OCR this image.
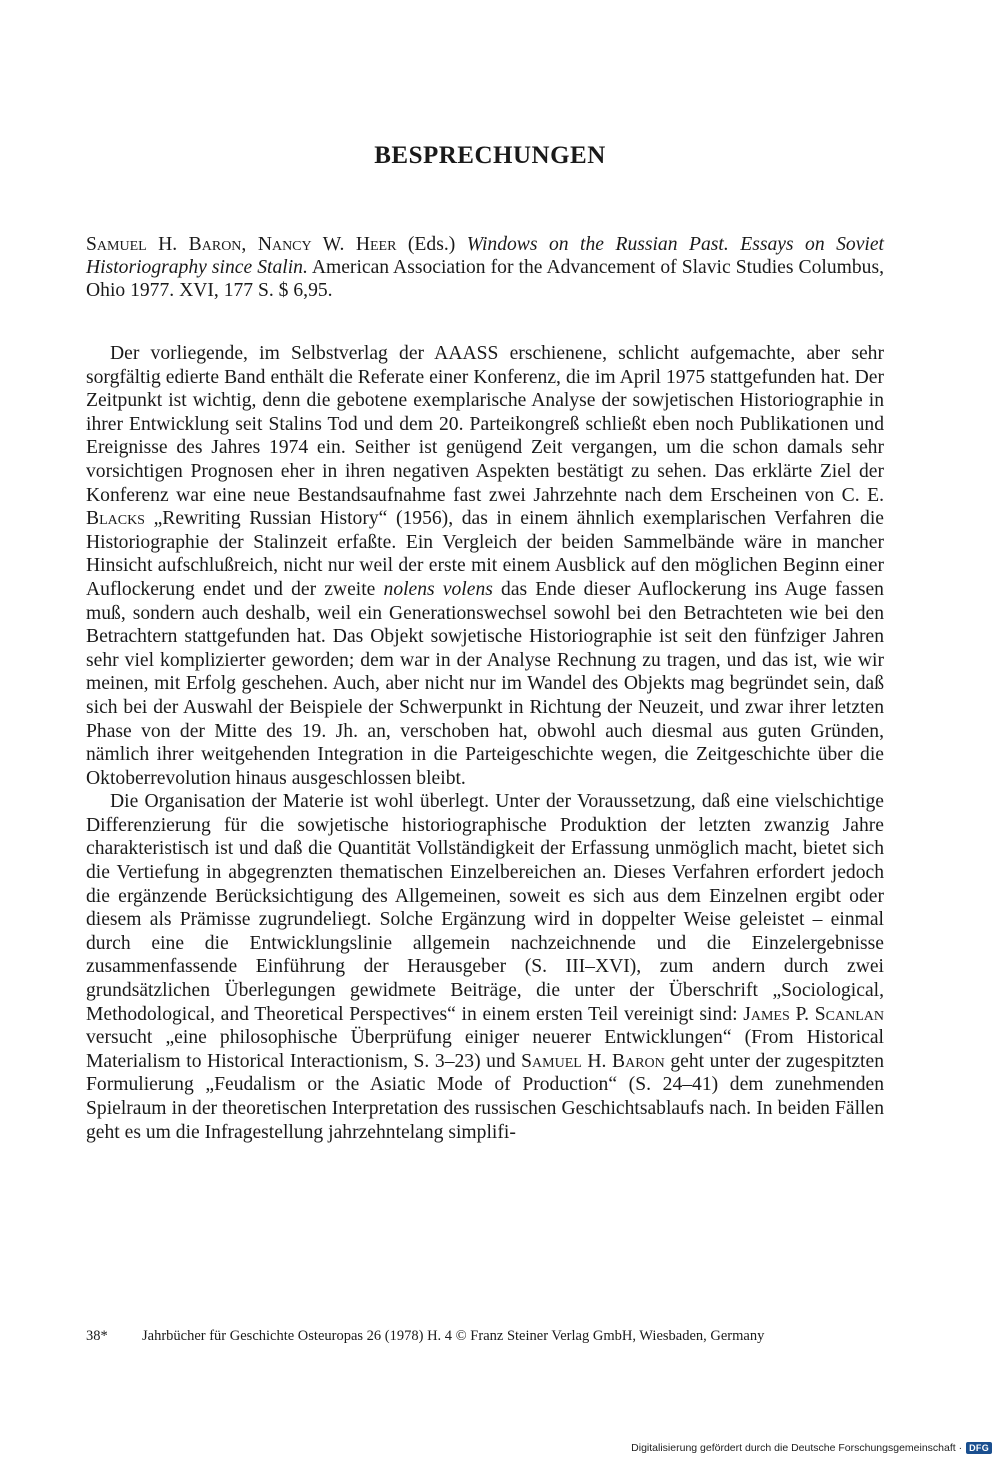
BESPRECHUNGEN
Samuel H. Baron, Nancy W. Heer (Eds.) Windows on the Russian Past. Essays on Soviet Historiography since Stalin. American Association for the Advancement of Slavic Studies Columbus, Ohio 1977. XVI, 177 S. $ 6,95.

Der vorliegende, im Selbstverlag der AAASS erschienene, schlicht aufgemachte, aber sehr sorgfältig edierte Band enthält die Referate einer Konferenz, die im April 1975 stattgefunden hat. Der Zeitpunkt ist wichtig, denn die gebotene exemplarische Analyse der sowjetischen Historiographie in ihrer Entwicklung seit Stalins Tod und dem 20. Parteikongreß schließt eben noch Publikationen und Ereignisse des Jahres 1974 ein. Seither ist genügend Zeit vergangen, um die schon damals sehr vorsichtigen Prognosen eher in ihren negativen Aspekten bestätigt zu sehen. Das erklärte Ziel der Konferenz war eine neue Bestandsaufnahme fast zwei Jahrzehnte nach dem Erscheinen von C. E. Blacks „Rewriting Russian History“ (1956), das in einem ähnlich exemplarischen Verfahren die Historiographie der Stalinzeit erfaßte. Ein Vergleich der beiden Sammelbände wäre in mancher Hinsicht aufschlußreich, nicht nur weil der erste mit einem Ausblick auf den möglichen Beginn einer Auflockerung endet und der zweite nolens volens das Ende dieser Auflockerung ins Auge fassen muß, sondern auch deshalb, weil ein Generationswechsel sowohl bei den Betrachteten wie bei den Betrachtern stattgefunden hat. Das Objekt sowjetische Historiographie ist seit den fünfziger Jahren sehr viel komplizierter geworden; dem war in der Analyse Rechnung zu tragen, und das ist, wie wir meinen, mit Erfolg geschehen. Auch, aber nicht nur im Wandel des Objekts mag begründet sein, daß sich bei der Auswahl der Beispiele der Schwerpunkt in Richtung der Neuzeit, und zwar ihrer letzten Phase von der Mitte des 19. Jh. an, verschoben hat, obwohl auch diesmal aus guten Gründen, nämlich ihrer weitgehenden Integration in die Parteigeschichte wegen, die Zeitgeschichte über die Oktoberrevolution hinaus ausgeschlossen bleibt.

Die Organisation der Materie ist wohl überlegt. Unter der Voraussetzung, daß eine vielschichtige Differenzierung für die sowjetische historiographische Produktion der letzten zwanzig Jahre charakteristisch ist und daß die Quantität Vollständigkeit der Erfassung unmöglich macht, bietet sich die Vertiefung in abgegrenzten thematischen Einzelbereichen an. Dieses Verfahren erfordert jedoch die ergänzende Berücksichtigung des Allgemeinen, soweit es sich aus dem Einzelnen ergibt oder diesem als Prämisse zugrundeliegt. Solche Ergänzung wird in doppelter Weise geleistet – einmal durch eine die Entwicklungslinie allgemein nachzeichnende und die Einzelergebnisse zusammenfassende Einführung der Herausgeber (S. III–XVI), zum andern durch zwei grundsätzlichen Überlegungen gewidmete Beiträge, die unter der Überschrift „Sociological, Methodological, and Theoretical Perspectives“ in einem ersten Teil vereinigt sind: James P. Scanlan versucht „eine philosophische Überprüfung einiger neuerer Entwicklungen“ (From Historical Materialism to Historical Interactionism, S. 3–23) und Samuel H. Baron geht unter der zugespitzten Formulierung „Feudalism or the Asiatic Mode of Production“ (S. 24–41) dem zunehmenden Spielraum in der theoretischen Interpretation des russischen Geschichtsablaufs nach. In beiden Fällen geht es um die Infragestellung jahrzehntelang simplifi-

38* Jahrbücher für Geschichte Osteuropas 26 (1978) H. 4 © Franz Steiner Verlag GmbH, Wiesbaden, Germany
Digitalisierung gefördert durch die Deutsche Forschungsgemeinschaft · DFG
